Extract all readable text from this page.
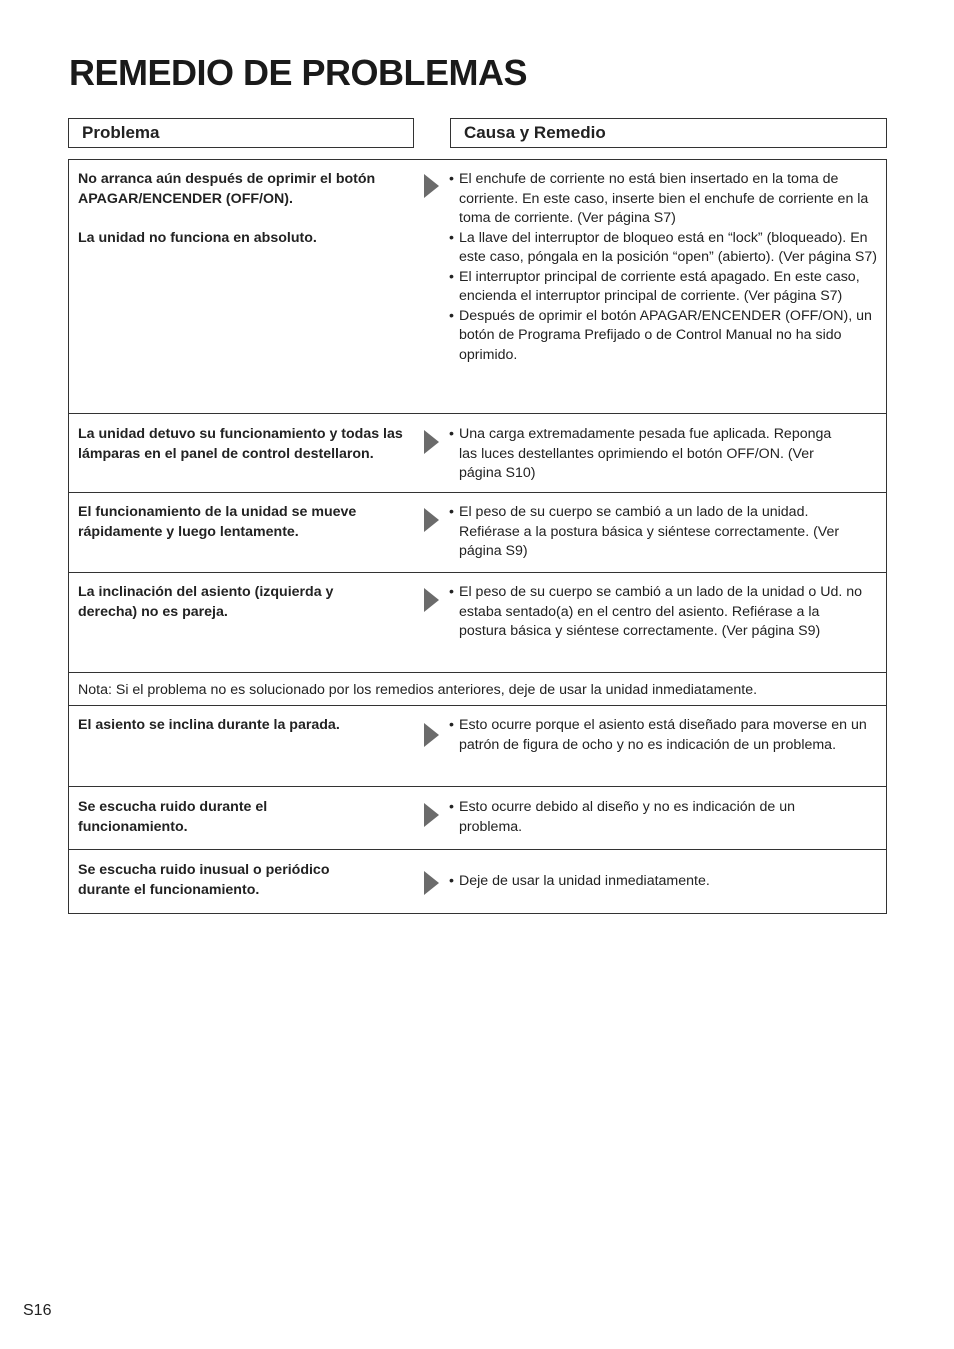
REMEDIO DE PROBLEMAS
Problema	Causa y Remedio

No arranca aún después de oprimir el botón APAGAR/ENCENDER (OFF/ON).

La unidad no funciona en absoluto.

• El enchufe de corriente no está bien insertado en la toma de corriente. En este caso, inserte bien el enchufe de corriente en la toma de corriente. (Ver página S7)
• La llave del interruptor de bloqueo está en “lock” (bloqueado). En este caso, póngala en la posición “open” (abierto). (Ver página S7)
• El interruptor principal de corriente está apagado. En este caso, encienda el interruptor principal de corriente. (Ver página S7)
• Después de oprimir el botón APAGAR/ENCENDER (OFF/ON), un botón de Programa Prefijado o de Control Manual no ha sido oprimido.

La unidad detuvo su funcionamiento y todas las lámparas en el panel de control destellaron.

• Una carga extremadamente pesada fue aplicada. Reponga las luces destellantes oprimiendo el botón OFF/ON. (Ver página S10)

El funcionamiento de la unidad se mueve rápidamente y luego lentamente.

• El peso de su cuerpo se cambió a un lado de la unidad. Refiérase a la postura básica y siéntese correctamente. (Ver página S9)

La inclinación del asiento (izquierda y derecha) no es pareja.

• El peso de su cuerpo se cambió a un lado de la unidad o Ud. no estaba sentado(a) en el centro del asiento. Refiérase a la postura básica y siéntese correctamente. (Ver página S9)
Nota: Si el problema no es solucionado por los remedios anteriores, deje de usar la unidad inmediatamente.

El asiento se inclina durante la parada.

•	Esto ocurre porque el asiento está diseñado para moverse en un patrón de figura de ocho y no es indicación de un problema.

Se escucha ruido durante el funcionamiento.

• Esto ocurre debido al diseño y no es indicación de un problema.

Se escucha ruido inusual o periódico durante el funcionamiento.

• Deje de usar la unidad inmediatamente.
S16
